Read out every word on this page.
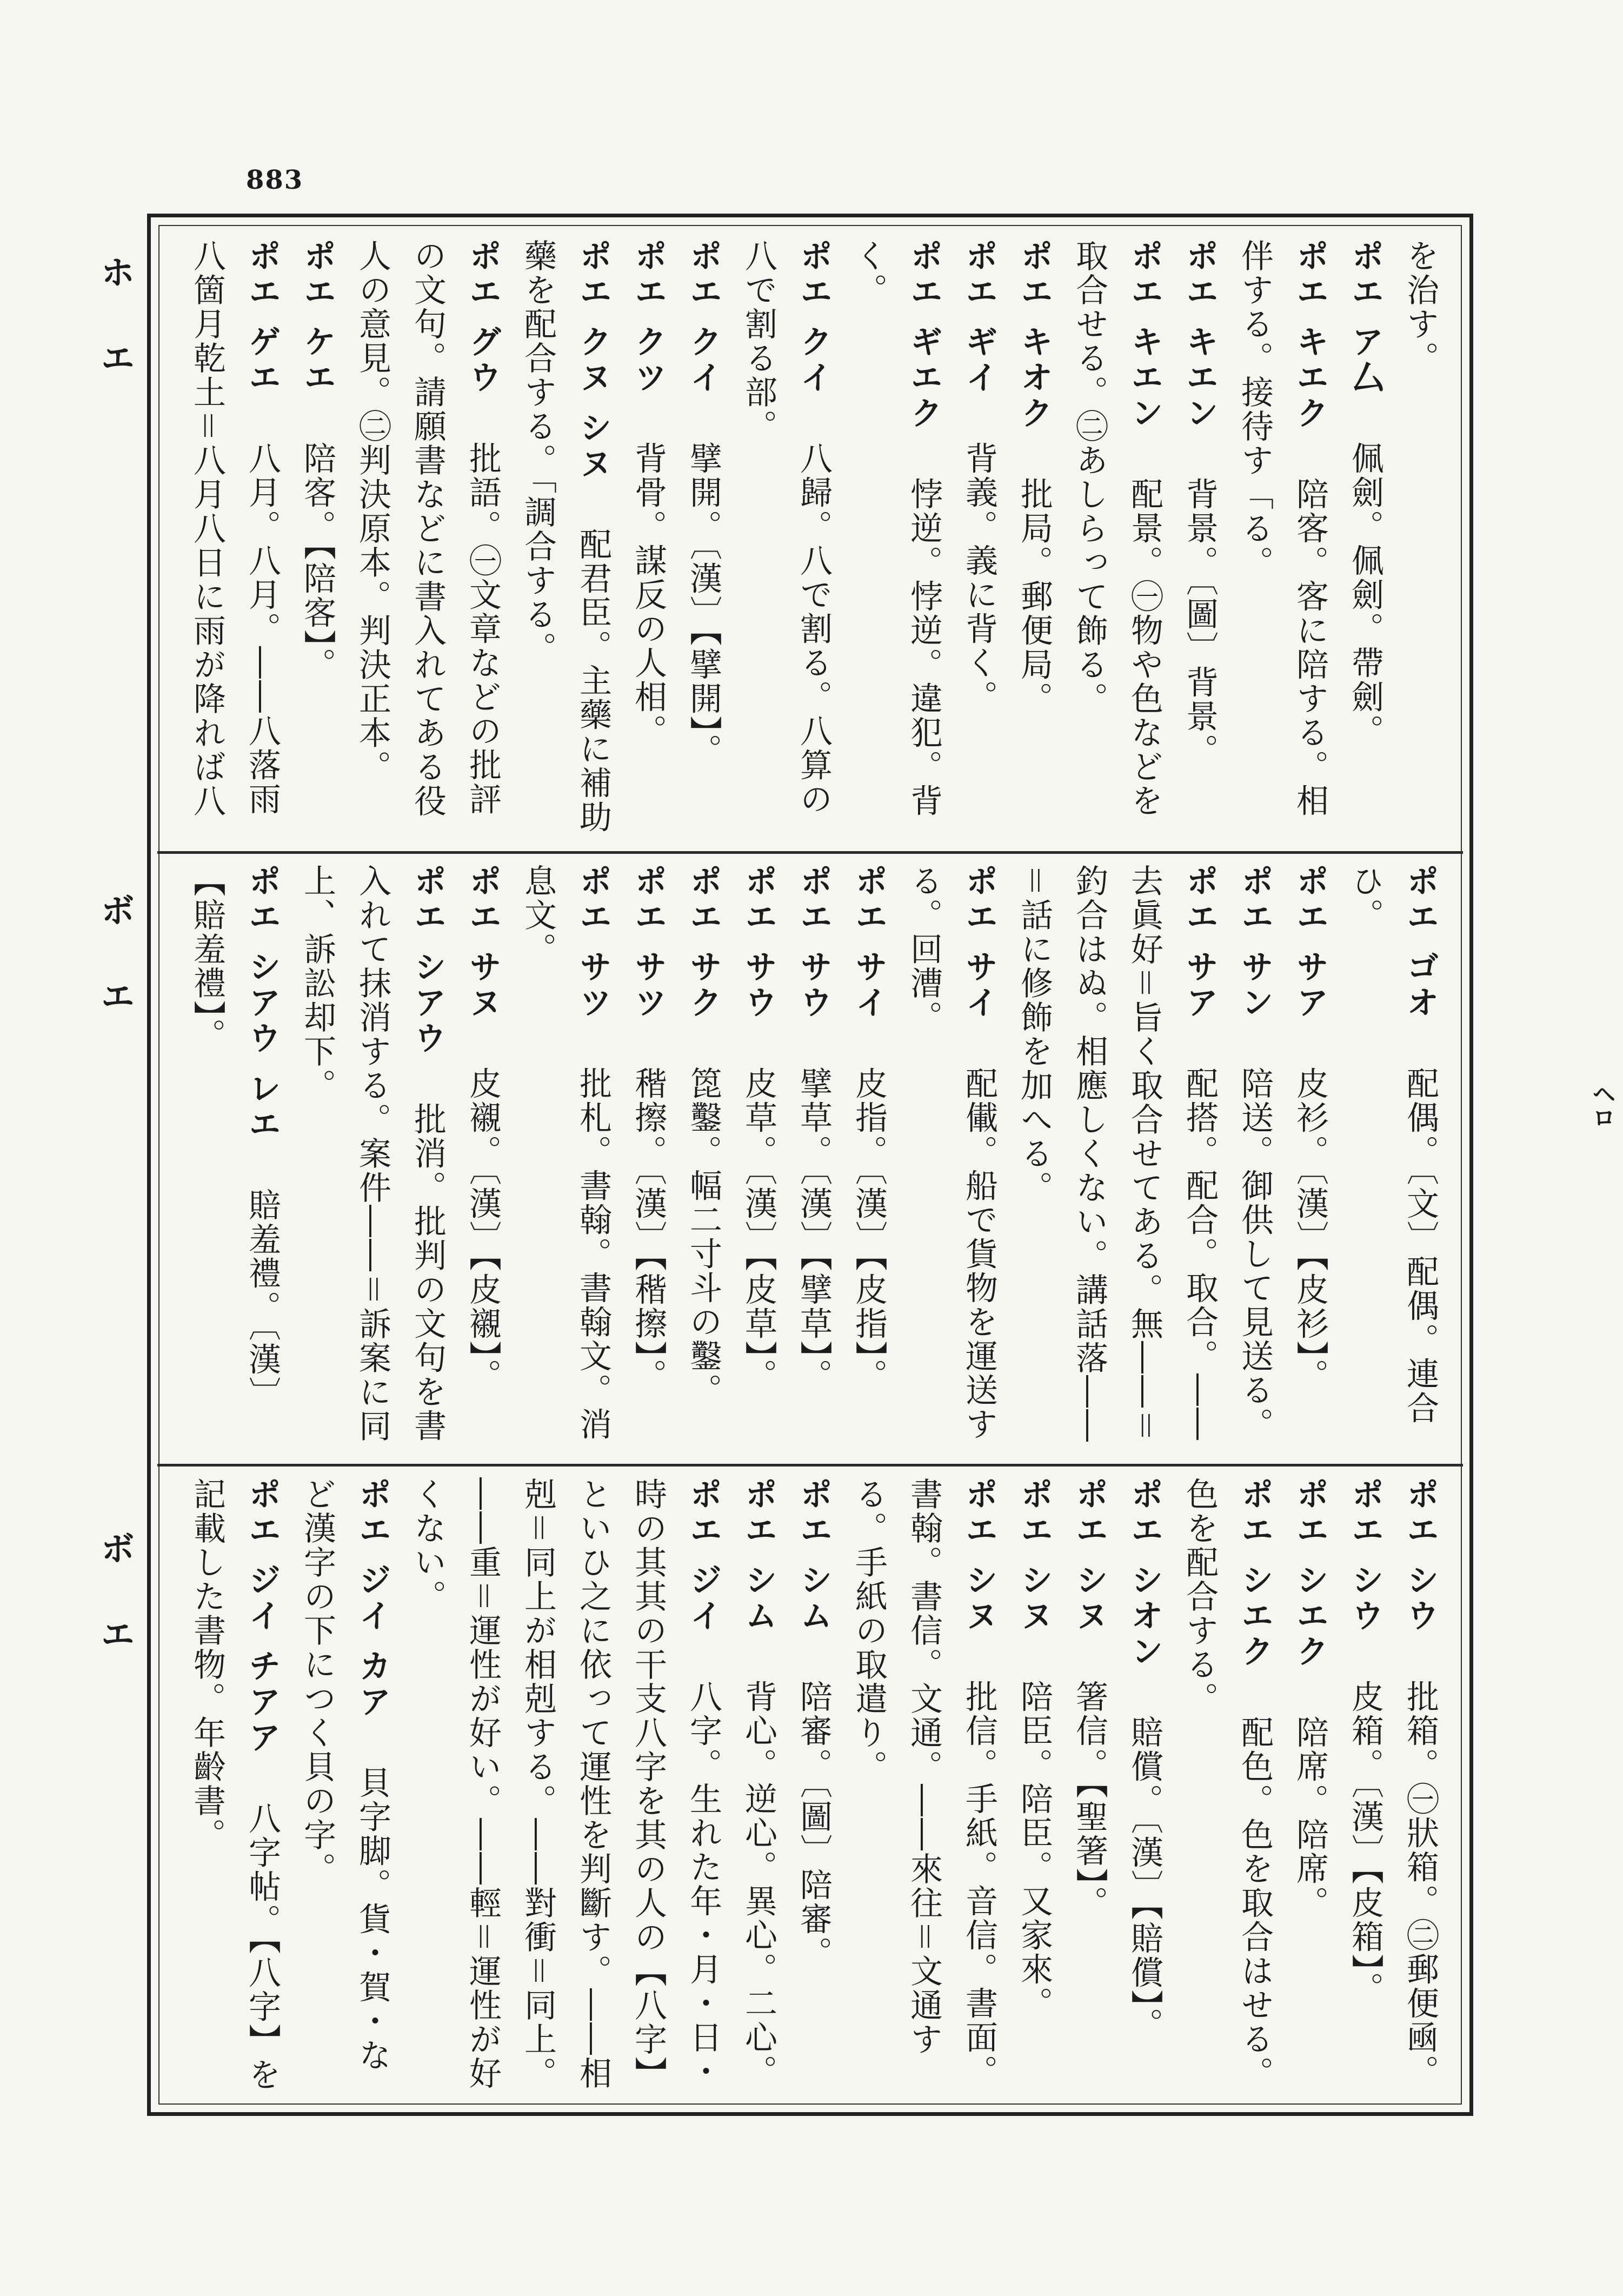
883
ホ エ
ボ エ
ボ エ
ヘロ
を治す。
ポエ ア厶佩劍。佩劍。帶劍。
ポエ キエク陪客。客に陪する。相伴する。接待す「る。
ポエ キエン背景。〔圖〕背景。
ポエ キエン配景。㊀物や色などを取合せる。㊁あしらって飾る。
ポエ キオク批局。郵便局。
ポエ ギイ背義。義に背く。
ポエ ギエク悖逆。悖逆。違犯。背く。
ポエ クイ八歸。八で割る。八算の八で割る部。
ポエ クイ擘開。〔漢〕【擘開】。
ポエ クツ背骨。謀反の人相。
ポエ クヌ シヌ配君臣。主藥に補助藥を配合する。「調合する。
ポエ グウ批語。㊀文章などの批評の文句。請願書などに書入れてある役人の意見。㊁判決原本。判決正本。
ポエ ケエ陪客。【陪客】。
ポエ ゲエ八月。八月。――八落雨八箇月乾土＝八月八日に雨が降れば八
ポエ ゴオ配偶。〔文〕配偶。連合ひ。
ポエ サア皮衫。〔漢〕【皮衫】。
ポエ サン陪送。御供して見送る。
ポエ サア配搭。配合。取合。――去眞好＝旨く取合せてある。無――＝釣合はぬ。相應しくない。講話落――＝話に修飾を加へる。
ポエ サイ配儎。船で貨物を運送する。回漕。
ポエ サイ皮指。〔漢〕【皮指】。
ポエ サウ擘草。〔漢〕【擘草】。
ポエ サウ皮草。〔漢〕【皮草】。
ポエ サク箆鑿。幅二寸斗の鑿。
ポエ サツ稭擦。〔漢〕【稭擦】。
ポエ サツ批札。書翰。書翰文。消息文。
ポエ サヌ皮襯。〔漢〕【皮襯】。
ポエ シアウ批消。批判の文句を書入れて抹消する。案件――＝訴案に同上、訴訟却下。
ポエ シアウ レエ賠羞禮。〔漢〕【賠羞禮】。
ポエ シウ批箱。㊀狀箱。㊁郵便凾。
ポエ シウ皮箱。〔漢〕【皮箱】。
ポエ シエク陪席。陪席。
ポエ シエク配色。色を取合はせる。色を配合する。
ポエ シオン賠償。〔漢〕【賠償】。
ポエ シヌ箸信。【聖箸】。
ポエ シヌ陪臣。陪臣。又家來。
ポエ シヌ批信。手紙。音信。書面。書翰。書信。文通。――來往＝文通する。手紙の取遣り。
ポエ シム陪審。〔圖〕陪審。
ポエ シム背心。逆心。異心。二心。
ポエ ジイ八字。生れた年・月・日・時の其其の干支八字を其の人の【八字】といひ之に依って運性を判斷す。――相剋＝同上が相剋する。――對衝＝同上。――重＝運性が好い。――輕＝運性が好くない。
ポエ ジイ カア貝字脚。貨・賀・など漢字の下につく貝の字。
ポエ ジイ チアア八字帖。【八字】を記載した書物。年齡書。
